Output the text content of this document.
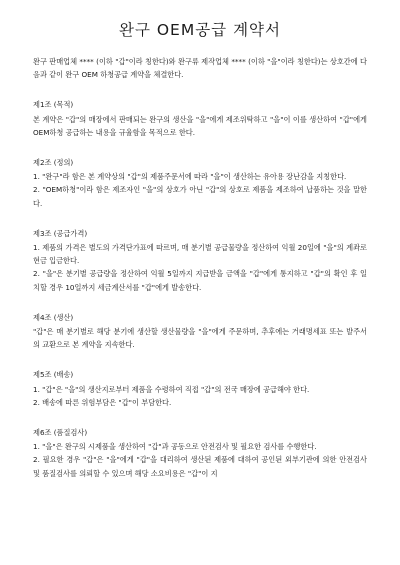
완구 OEM공급 계약서

완구 판매업체 **** (이하 "갑"이라 칭한다)와 완구류 제작업체 **** (이하 "을"이라 칭한다)는 상호간에 다음과 같이 완구 OEM 하청공급 계약을 체결한다.

제1조 (목적)

본 계약은 "갑"의 매장에서 판매되는 완구의 생산을 "을"에게 제조위탁하고 "을"이 이를 생산하여 "갑"에게 OEM하청 공급하는 내용을 규율함을 목적으로 한다.

제2조 (정의)

1. "완구"라 함은 본 계약상의 "갑"의 제품주문서에 따라 "을"이 생산하는 유아용 장난감을 지칭한다.

2. "OEM하청"이라 함은 제조자인 "을"의 상호가 아닌 "갑"의 상호로 제품을 제조하여 납품하는 것을 말한다.

제3조 (공급가격)

1. 제품의 가격은 별도의 가격단가표에 따르며, 매 분기별 공급물량을 정산하여 익월 20일에 "을"의 계좌로 현금 입금한다.

2. "을"은 분기별 공급량을 정산하여 익월 5일까지 지급받을 금액을 "갑"에게 통지하고 "갑"의 확인 후 일치할 경우 10일까지 세금계산서를 "갑"에게 발송한다.

제4조 (생산)

"갑"은 매 분기별로 해당 분기에 생산할 생산물량을 "을"에게 주문하며, 추후에는 거래명세표 또는 발주서의 교환으로 본 계약을 지속한다.

제5조 (배송)

1. "갑"은 "을"의 생산지로부터 제품을 수령하여 직접 "갑"의 전국 매장에 공급해야 한다.

2. 배송에 따른 위험부담은 "갑"이 부담한다.

제6조 (품질검사)

1. "을"은 완구의 시제품을 생산하여 "갑"과 공동으로 안전검사 및 필요한 검사를 수행한다.

2. 필요한 경우 "갑"은 "을"에게 "갑"을 대리하여 생산된 제품에 대하여 공인된 외부기관에 의한 안전검사 및 품질검사를 의뢰할 수 있으며 해당 소요비용은 "갑"이 지
